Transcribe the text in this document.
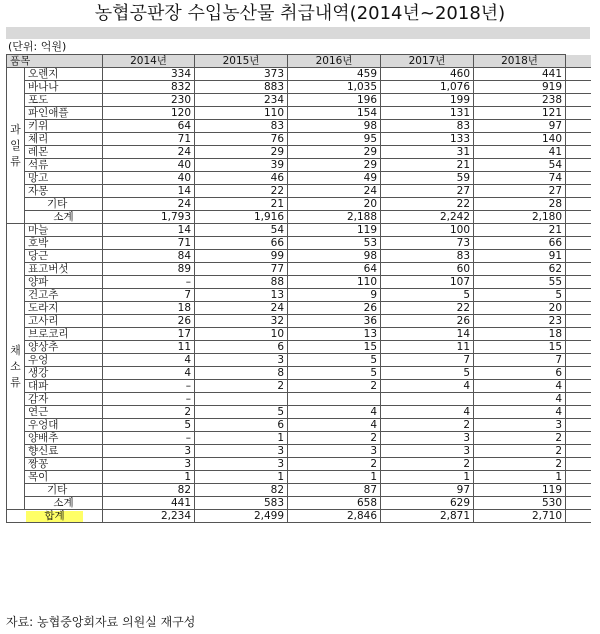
농협공판장 수입농산물 취급내역(2014년~2018년)
(단위: 억원)
품목		2014년	2015년	2016년	2017년	2018년	
과일류	오렌지	334	373	459	460	441	
	바나나	832	883	1,035	1,076	919	
	포도	230	234	196	199	238	
	파인애플	120	110	154	131	121	
	키위	64	83	98	83	97	
	체리	71	76	95	133	140	
	레몬	24	29	29	31	41	
	석류	40	39	29	21	54	
	망고	40	46	49	59	74	
	자몽	14	22	24	27	27	
	기타	24	21	20	22	28	
	소계	1,793	1,916	2,188	2,242	2,180	
채소류	마늘	14	54	119	100	21	
	호박	71	66	53	73	66	
	당근	84	99	98	83	91	
	표고버섯	89	77	64	60	62	
	양파	–	88	110	107	55	
	건고추	7	13	9	5	5	
	도라지	18	24	26	22	20	
	고사리	26	32	36	26	23	
	브로코리	17	10	13	14	18	
	양상추	11	6	15	11	15	
	우엉	4	3	5	7	7	
	생강	4	8	5	5	6	
	대파	–	2	2	4	4	
	감자	–				4	
	연근	2	5	4	4	4	
	우엉대	5	6	4	2	3	
	양배추	–	1	2	3	2	
	향신료	3	3	3	3	2	
	짱꽁	3	3	2	2	2	
	목이	1	1	1	1	1	
	기타	82	82	87	97	119	
	소계	441	583	658	629	530	
합계		2,234	2,499	2,846	2,871	2,710	
자료: 농협중앙회자료 의원실 재구성
